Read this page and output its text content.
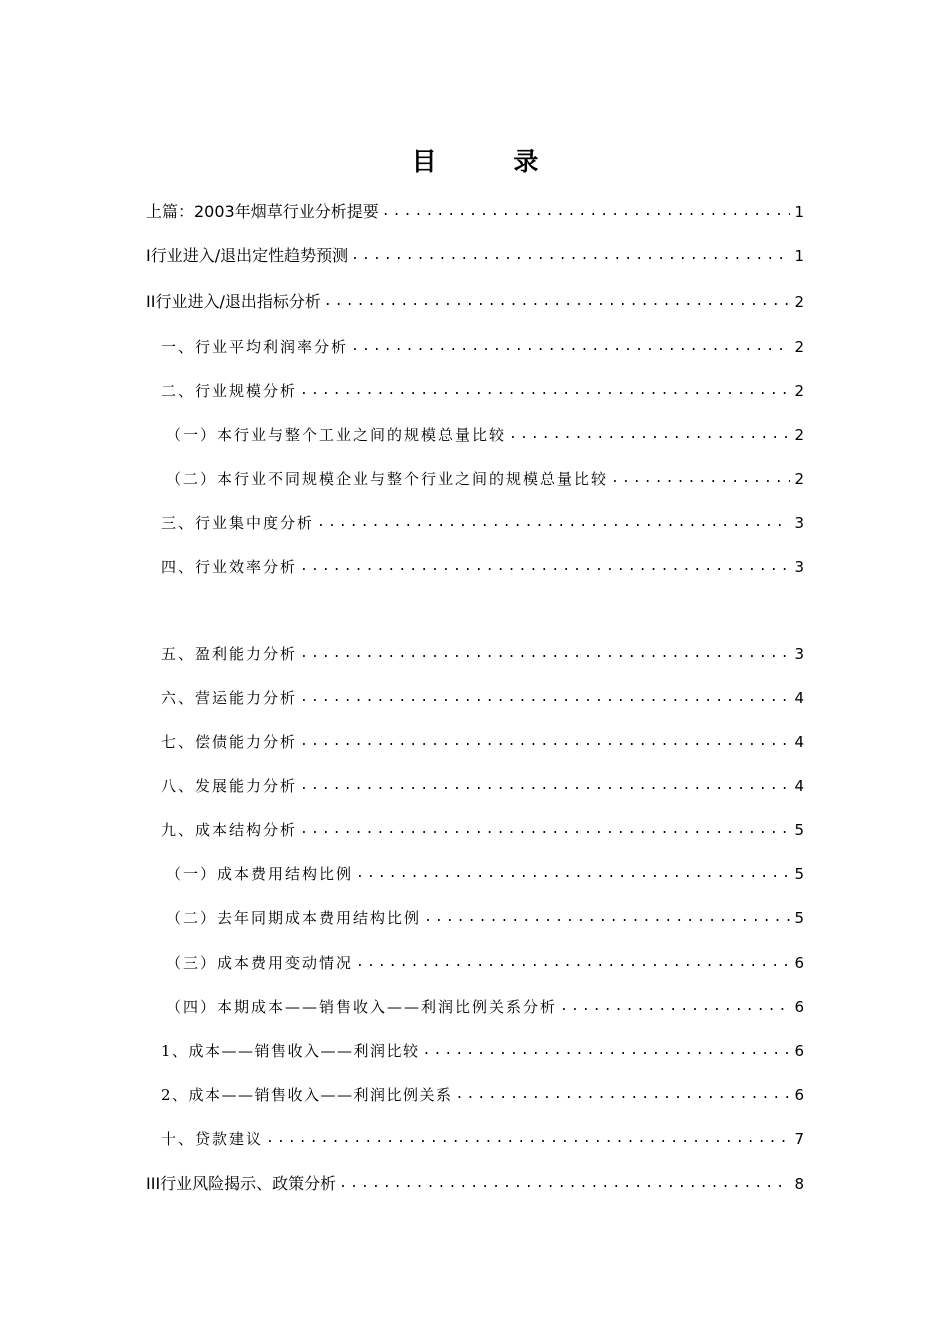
目 录
上篇：2003年烟草行业分析提要 .....	1
I行业进入/退出定性趋势预测 .....	1
II行业进入/退出指标分析 .....	2
一、行业平均利润率分析 .....	2
二、行业规模分析 .....	2
（一）本行业与整个工业之间的规模总量比较 .....	2
（二）本行业不同规模企业与整个行业之间的规模总量比较 .....	2
三、行业集中度分析 .....	3
四、行业效率分析 .....	3
五、盈利能力分析 .....	3
六、营运能力分析 .....	4
七、偿债能力分析 .....	4
八、发展能力分析 .....	4
九、成本结构分析 .....	5
（一）成本费用结构比例 .....	5
（二）去年同期成本费用结构比例 .....	5
（三）成本费用变动情况 .....	6
（四）本期成本——销售收入——利润比例关系分析 .....	6
1、成本——销售收入——利润比较 .....	6
2、成本——销售收入——利润比例关系 .....	6
十、贷款建议 .....	7
III行业风险揭示、政策分析 .....	8
